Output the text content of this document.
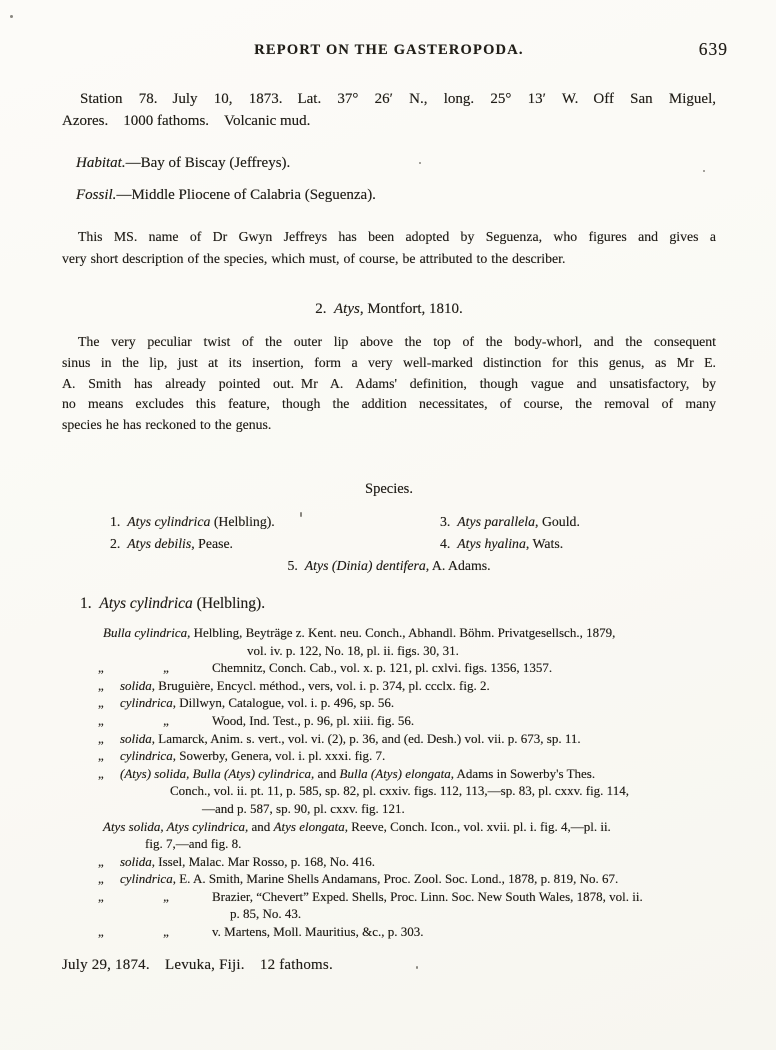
REPORT ON THE GASTEROPODA.	639
Station 78. July 10, 1873. Lat. 37° 26′ N., long. 25° 13′ W. Off San Miguel,
Azores. 1000 fathoms. Volcanic mud.
Habitat.—Bay of Biscay (Jeffreys).
Fossil.—Middle Pliocene of Calabria (Seguenza).
This MS. name of Dr Gwyn Jeffreys has been adopted by Seguenza, who figures and gives a
very short description of the species, which must, of course, be attributed to the describer.
2. Atys, Montfort, 1810.
The very peculiar twist of the outer lip above the top of the body-whorl, and the consequent
sinus in the lip, just at its insertion, form a very well-marked distinction for this genus, as Mr E.
A. Smith has already pointed out. Mr A. Adams' definition, though vague and unsatisfactory, by
no means excludes this feature, though the addition necessitates, of course, the removal of many
species he has reckoned to the genus.
Species.
1. Atys cylindrica (Helbling).	3. Atys parallela, Gould.
2. Atys debilis, Pease.	4. Atys hyalina, Wats.
5. Atys (Dinia) dentifera, A. Adams.
1. Atys cylindrica (Helbling).
Bulla cylindrica, Helbling, Beyträge z. Kent. neu. Conch., Abhandl. Böhm. Privatgesellsch., 1879,
vol. iv. p. 122, No. 18, pl. ii. figs. 30, 31.
„	„	Chemnitz, Conch. Cab., vol. x. p. 121, pl. cxlvi. figs. 1356, 1357.
„ solida, Bruguière, Encycl. méthod., vers, vol. i. p. 374, pl. ccclx. fig. 2.
„ cylindrica, Dillwyn, Catalogue, vol. i. p. 496, sp. 56.
„	„	Wood, Ind. Test., p. 96, pl. xiii. fig. 56.
„ solida, Lamarck, Anim. s. vert., vol. vi. (2), p. 36, and (ed. Desh.) vol. vii. p. 673, sp. 11.
„ cylindrica, Sowerby, Genera, vol. i. pl. xxxi. fig. 7.
„ (Atys) solida, Bulla (Atys) cylindrica, and Bulla (Atys) elongata, Adams in Sowerby's Thes.
Conch., vol. ii. pt. 11, p. 585, sp. 82, pl. cxxiv. figs. 112, 113,—sp. 83, pl. cxxv. fig. 114,
—and p. 587, sp. 90, pl. cxxv. fig. 121.
Atys solida, Atys cylindrica, and Atys elongata, Reeve, Conch. Icon., vol. xvii. pl. i. fig. 4,—pl. ii.
fig. 7,—and fig. 8.
„ solida, Issel, Malac. Mar Rosso, p. 168, No. 416.
„ cylindrica, E. A. Smith, Marine Shells Andamans, Proc. Zool. Soc. Lond., 1878, p. 819, No. 67.
„	„	Brazier, “Chevert” Exped. Shells, Proc. Linn. Soc. New South Wales, 1878, vol. ii.
p. 85, No. 43.
„	„	v. Martens, Moll. Mauritius, &c., p. 303.
July 29, 1874. Levuka, Fiji. 12 fathoms.
